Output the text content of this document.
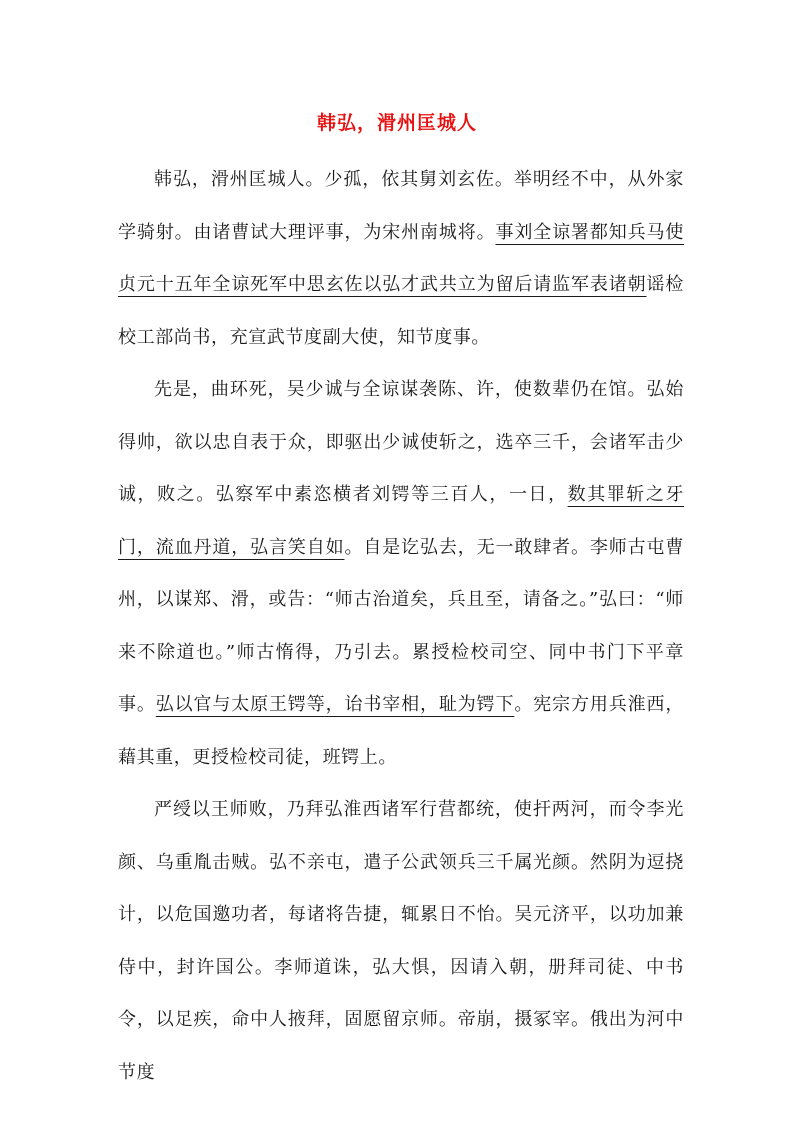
韩弘，滑州匡城人

韩弘，滑州匡城人。少孤，依其舅刘玄佐。举明经不中，从外家学骑射。由诸曹试大理评事，为宋州南城将。事刘全谅署都知兵马使贞元十五年全谅死军中思玄佐以弘才武共立为留后请监军表诸朝谣检校工部尚书，充宣武节度副大使，知节度事。

先是，曲环死，吴少诚与全谅谋袭陈、许，使数辈仍在馆。弘始得帅，欲以忠自表于众，即驱出少诚使斩之，选卒三千，会诸军击少诚，败之。弘察军中素恣横者刘锷等三百人，一日，数其罪斩之牙门，流血丹道，弘言笑自如。自是讫弘去，无一敢肆者。李师古屯曹州，以谋郑、滑，或告：“师古治道矣，兵且至，请备之。”弘曰：“师来不除道也。”师古惰得，乃引去。累授检校司空、同中书门下平章事。弘以官与太原王锷等，诒书宰相，耻为锷下。宪宗方用兵淮西，藉其重，更授检校司徒，班锷上。

严绶以王师败，乃拜弘淮西诸军行营都统，使扞两河，而令李光颜、乌重胤击贼。弘不亲屯，遣子公武领兵三千属光颜。然阴为逗挠计，以危国邀功者，每诸将告捷，辄累日不怡。吴元济平，以功加兼侍中，封许国公。李师道诛，弘大惧，因请入朝，册拜司徒、中书令，以足疾，命中人掖拜，固愿留京师。帝崩，摄冢宰。俄出为河中节度
